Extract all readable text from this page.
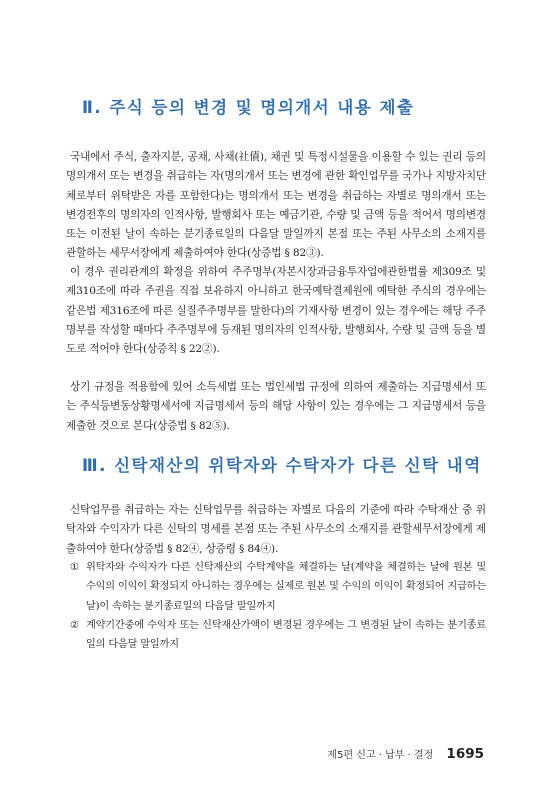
Ⅱ. 주식 등의 변경 및 명의개서 내용 제출

국내에서 주식, 출자지분, 공채, 사채(社債), 채권 및 특정시설물을 이용할 수 있는 권리 등의 명의개서 또는 변경을 취급하는 자(명의개서 또는 변경에 관한 확인업무를 국가나 지방자치단체로부터 위탁받은 자를 포함한다)는 명의개서 또는 변경을 취급하는 자별로 명의개서 또는 변경전후의 명의자의 인적사항, 발행회사 또는 예금기관, 수량 및 금액 등을 적어서 명의변경 또는 이전된 날이 속하는 분기종료일의 다음달 말일까지 본점 또는 주된 사무소의 소재지를 관할하는 세무서장에게 제출하여야 한다(상증법 § 82③).

이 경우 권리관계의 확정을 위하여 주주명부(자본시장과금융투자업에관한법률 제309조 및 제310조에 따라 주권을 직접 보유하지 아니하고 한국예탁결제원에 예탁한 주식의 경우에는 같은법 제316조에 따른 실질주주명부를 말한다)의 기재사항 변경이 있는 경우에는 해당 주주명부를 작성할 때마다 주주명부에 등재된 명의자의 인적사항, 발행회사, 수량 및 금액 등을 별도로 적어야 한다(상증칙 § 22②).

상기 규정을 적용함에 있어 소득세법 또는 법인세법 규정에 의하여 제출하는 지급명세서 또는 주식등변동상황명세서에 지급명세서 등의 해당 사항이 있는 경우에는 그 지급명세서 등을 제출한 것으로 본다(상증법 § 82⑤).

Ⅲ. 신탁재산의 위탁자와 수탁자가 다른 신탁 내역

신탁업무를 취급하는 자는 신탁업무를 취급하는 자별로 다음의 기준에 따라 수탁재산 중 위탁자와 수익자가 다른 신탁의 명세를 본점 또는 주된 사무소의 소재지를 관할세무서장에게 제출하여야 한다(상증법 § 82④, 상증령 § 84④).

① 위탁자와 수익자가 다른 신탁재산의 수탁계약을 체결하는 날(계약을 체결하는 날에 원본 및 수익의 이익이 확정되지 아니하는 경우에는 실제로 원본 및 수익의 이익이 확정되어 지급하는 날)이 속하는 분기종료일의 다음달 말일까지
② 계약기간중에 수익자 또는 신탁재산가액이 변경된 경우에는 그 변경된 날이 속하는 분기종료일의 다음달 말일까지
제5편 신고 · 납부 · 결정 1695
